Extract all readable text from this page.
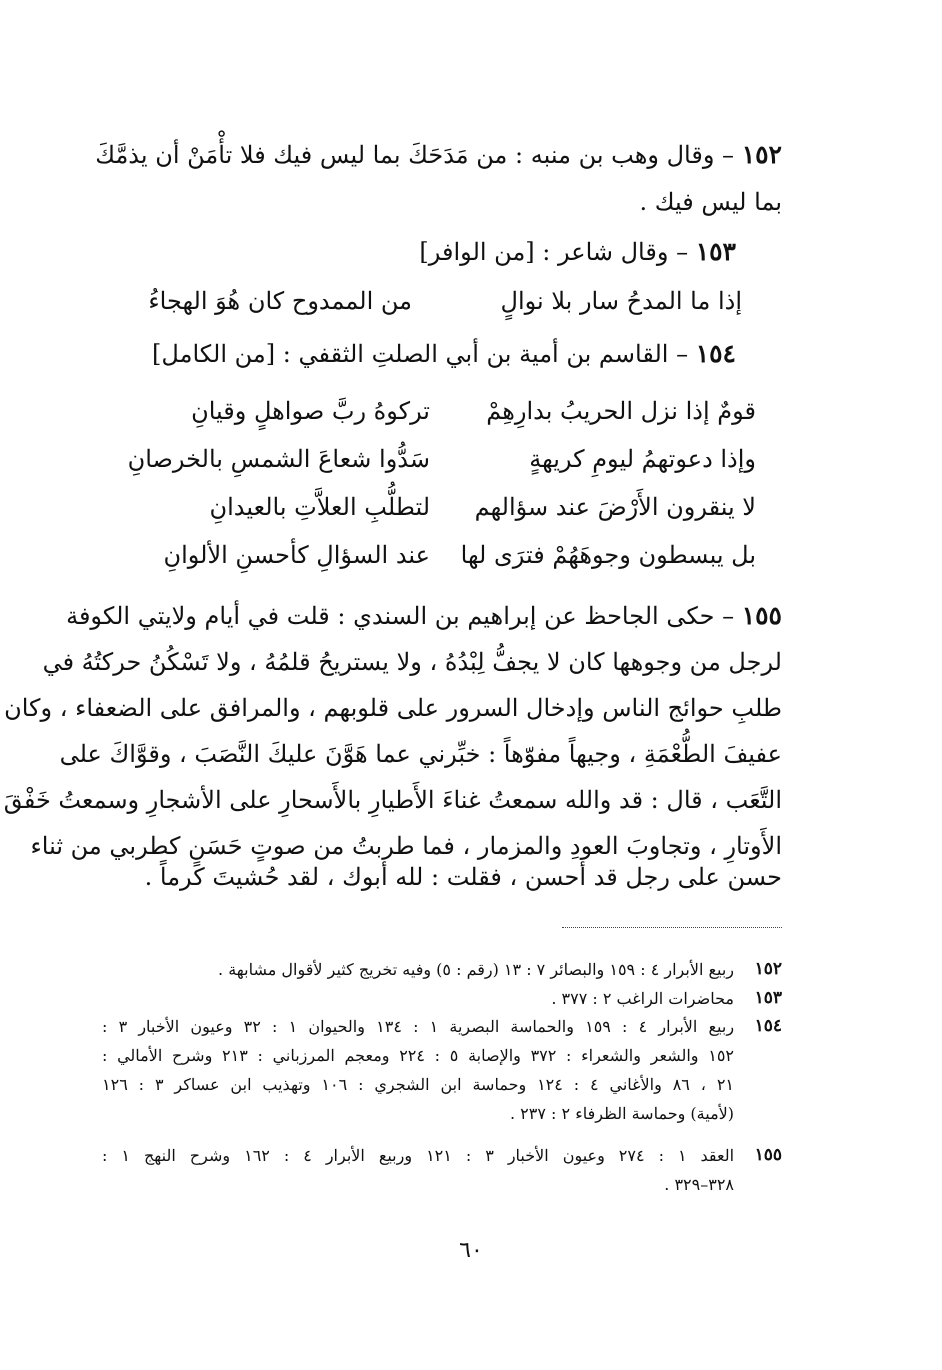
١٥٢ – وقال وهب بن منبه : من مَدَحَكَ بما ليس فيك فلا تأْمَنْ أن يذمَّكَ
بما ليس فيك .
١٥٣ – وقال شاعر : [من الوافر]
إذا ما المدحُ سار بلا نوالٍ
من الممدوح كان هُوَ الهجاءُ
١٥٤ – القاسم بن أمية بن أبي الصلتِ الثقفي : [من الكامل]
قومٌ إذا نزل الحريبُ بدارِهِمْ
تركوهُ ربَّ صواهلٍ وقيانِ
وإذا دعوتهمُ ليومِ كريهةٍ
سَدُّوا شعاعَ الشمسِ بالخرصانِ
لا ينقرون الأَرْضَ عند سؤالهم
لتطلُّبِ العلاَّتِ بالعيدانِ
بل يبسطون وجوهَهُمْ فترَى لها
عند السؤالِ كأحسنِ الألوانِ
١٥٥ – حكى الجاحظ عن إبراهيم بن السندي : قلت في أيام ولايتي الكوفة
لرجل من وجوهها كان لا يجفُّ لِبْدُهُ ، ولا يستريحُ قلمُهُ ، ولا تَسْكُنُ حركتُهُ في
طلبِ حوائج الناس وإدخال السرور على قلوبهم ، والمرافق على الضعفاء ، وكان
عفيفَ الطُّعْمَةِ ، وجيهاً مفوّهاً : خبِّرني عما هَوَّنَ عليكَ النَّصَبَ ، وقوَّاكَ على
التَّعَب ، قال : قد والله سمعتُ غناءَ الأَطيارِ بالأَسحارِ على الأشجارِ وسمعتُ خَفْقَ
الأَوتارِ ، وتجاوبَ العودِ والمزمار ، فما طربتُ من صوتٍ حَسَنٍ كطربي من ثناء
حسن على رجل قد أحسن ، فقلت : لله أبوك ، لقد حُشيتَ كرماً .
١٥٢
ربيع الأبرار ٤ : ١٥٩ والبصائر ٧ : ١٣ (رقم : ٥) وفيه تخريج كثير لأقوال مشابهة .
١٥٣
محاضرات الراغب ٢ : ٣٧٧ .
١٥٤
ربيع الأبرار ٤ : ١٥٩ والحماسة البصرية ١ : ١٣٤ والحيوان ١ : ٣٢ وعيون الأخبار ٣ :
١٥٢ والشعر والشعراء : ٣٧٢ والإصابة ٥ : ٢٢٤ ومعجم المرزباني : ٢١٣ وشرح الأمالي :
٢١ ، ٨٦ والأغاني ٤ : ١٢٤ وحماسة ابن الشجري : ١٠٦ وتهذيب ابن عساكر ٣ : ١٢٦
(لأمية) وحماسة الظرفاء ٢ : ٢٣٧ .
١٥٥
العقد ١ : ٢٧٤ وعيون الأخبار ٣ : ١٢١ وربيع الأبرار ٤ : ١٦٢ وشرح النهج ١ :
٣٢٨–٣٢٩ .
٦٠
